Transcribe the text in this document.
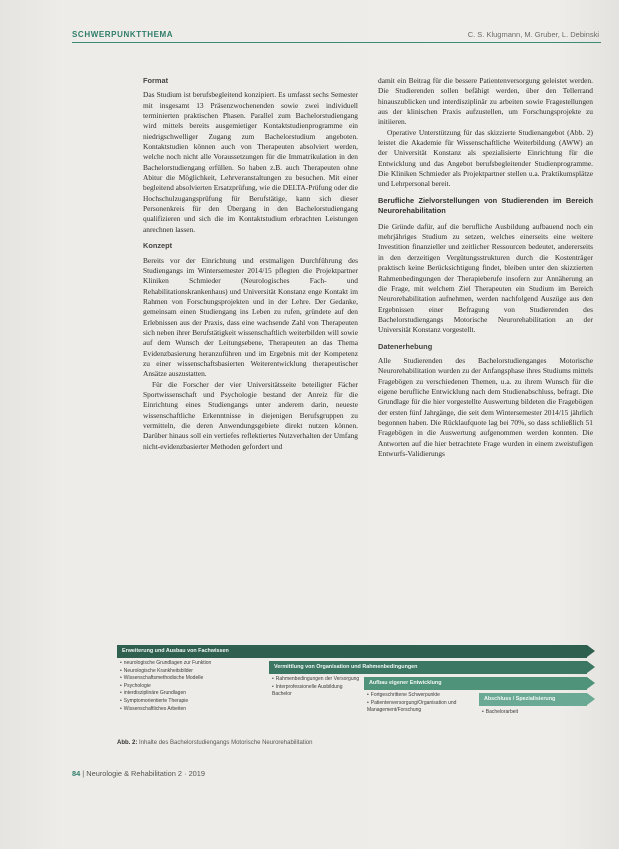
SCHWERPUNKTTHEMA	C. S. Klugmann, M. Gruber, L. Debinski
Format

Das Studium ist berufsbegleitend konzipiert. Es umfasst sechs Semester mit insgesamt 13 Präsenzwochenenden sowie zwei individuell terminierten praktischen Phasen. Parallel zum Bachelorstudiengang wird mittels bereits ausgemietiger Kontaktstudienprogramme ein niedrigschwelliger Zugang zum Bachelorstudium angeboten. Kontaktstudien können auch von Therapeuten absolviert werden, welche noch nicht alle Voraussetzungen für die Immatrikulation in den Bachelorstudiengang erfüllen. So haben z.B. auch Therapeuten ohne Abitur die Möglichkeit, Lehrveranstaltungen zu besuchen. Mit einer begleitend absolvierten Ersatzprüfung, wie die DELTA-Prüfung oder die Hochschulzugangsprüfung für Berufstätige, kann sich dieser Personenkreis für den Übergang in den Bachelorstudiengang qualifizieren und sich die im Kontaktstudium erbrachten Leistungen anrechnen lassen.

Konzept

Bereits vor der Einrichtung und erstmaligen Durchführung des Studiengangs im Wintersemester 2014/15 pflegten die Projektpartner Kliniken Schmieder (Neurologisches Fach- und Rehabilitationskrankenhaus) und Universität Konstanz enge Kontakt im Rahmen von Forschungsprojekten und in der Lehre. Der Gedanke, gemeinsam einen Studiengang ins Leben zu rufen, gründete auf den Erlebnissen aus der Praxis, dass eine wachsende Zahl von Therapeuten sich neben ihrer Berufstätigkeit wissenschaftlich weiterbilden will sowie auf dem Wunsch der Leitungsebene, Therapeuten an das Thema Evidenzbasierung heranzuführen und im Ergebnis mit der Kompetenz zu einer wissenschaftsbasierten Weiterentwicklung therapeutischer Ansätze auszustatten.

Für die Forscher der vier Universitätsseite beteiligter Fächer Sportwissenschaft und Psychologie bestand der Anreiz für die Einrichtung eines Studiengangs unter anderem darin, neueste wissenschaftliche Erkenntnisse in diejenigen Berufsgruppen zu vermitteln, die deren Anwendungsgebiete direkt nutzen können. Darüber hinaus soll ein vertiefes reflektiertes Nutzverhalten der Umfang nicht-evidenzbasierter Methoden gefordert und

damit ein Beitrag für die bessere Patientenversorgung geleistet werden. Die Studierenden sollen befähigt werden, über den Tellerrand hinauszublicken und interdisziplinär zu arbeiten sowie Fragestellungen aus der klinischen Praxis aufzustellen, um Forschungsprojekte zu initiieren.

Operative Unterstützung für das skizzierte Studienangebot (Abb. 2) leistet die Akademie für Wissenschaftliche Weiterbildung (AWW) an der Universität Konstanz als spezialisierte Einrichtung für die Entwicklung und das Angebot berufsbegleitender Studienprogramme. Die Kliniken Schmieder als Projektpartner stellen u.a. Praktikumsplätze und Lehrpersonal bereit.

Berufliche Zielvorstellungen von Studierenden im Bereich Neurorehabilitation

Die Gründe dafür, auf die berufliche Ausbildung aufbauend noch ein mehrjähriges Studium zu setzen, welches einerseits eine weitere Investition finanzieller und zeitlicher Ressourcen bedeutet, andererseits in den derzeitigen Vergütungsstrukturen durch die Kostenträger praktisch keine Berücksichtigung findet, bleiben unter den skizzierten Rahmenbedingungen der Therapieberufe insofern zur Annäherung an die Frage, mit welchem Ziel Therapeuten ein Studium im Bereich Neurorehabilitation aufnehmen, werden nachfolgend Auszüge aus den Ergebnissen einer Befragung von Studierenden des Bachelorstudiengangs Motorische Neurorehabilitation an der Universität Konstanz vorgestellt.

Datenerhebung

Alle Studierenden des Bachelorstudienganges Motorische Neurorehabilitation wurden zu der Anfangsphase ihres Studiums mittels Fragebögen zu verschiedenen Themen, u.a. zu ihrem Wunsch für die eigene berufliche Entwicklung nach dem Studienabschluss, befragt. Die Grundlage für die hier vorgestellte Auswertung bildeten die Fragebögen der ersten fünf Jahrgänge, die seit dem Wintersemester 2014/15 jährlich begonnen haben. Die Rücklaufquote lag bei 70%, so dass schließlich 51 Fragebögen in die Auswertung aufgenommen werden konnten. Die Antworten auf die hier betrachtete Frage wurden in einem zweistufigen Entwurfs-Validierungs

Erweiterung und Ausbau von Fachwissen
• neurologische Grundlagen zur Funktion
• Neurologische Krankheitsbilder
• Wissenschaftsmethodische Modelle
• Psychologie
• interdisziplinäre Grundlagen
• Symptomorientierte Therapie
• Wissenschaftliches Arbeiten
Vermittlung von Organisation und Rahmenbedingungen
• Rahmenbedingungen der Versorgung
• Interprofessionelle Ausbildung Bachelor
Aufbau eigener Entwicklung
• Fortgeschrittene Schwerpunkte
• Patientenversorgung/Organisation und Management/Forschung
Abschluss / Spezialisierung
• Bachelorarbeit
Abb. 2: Inhalte des Bachelorstudiengangs Motorische Neurorehabilitation
84 | Neurologie & Rehabilitation 2 · 2019
